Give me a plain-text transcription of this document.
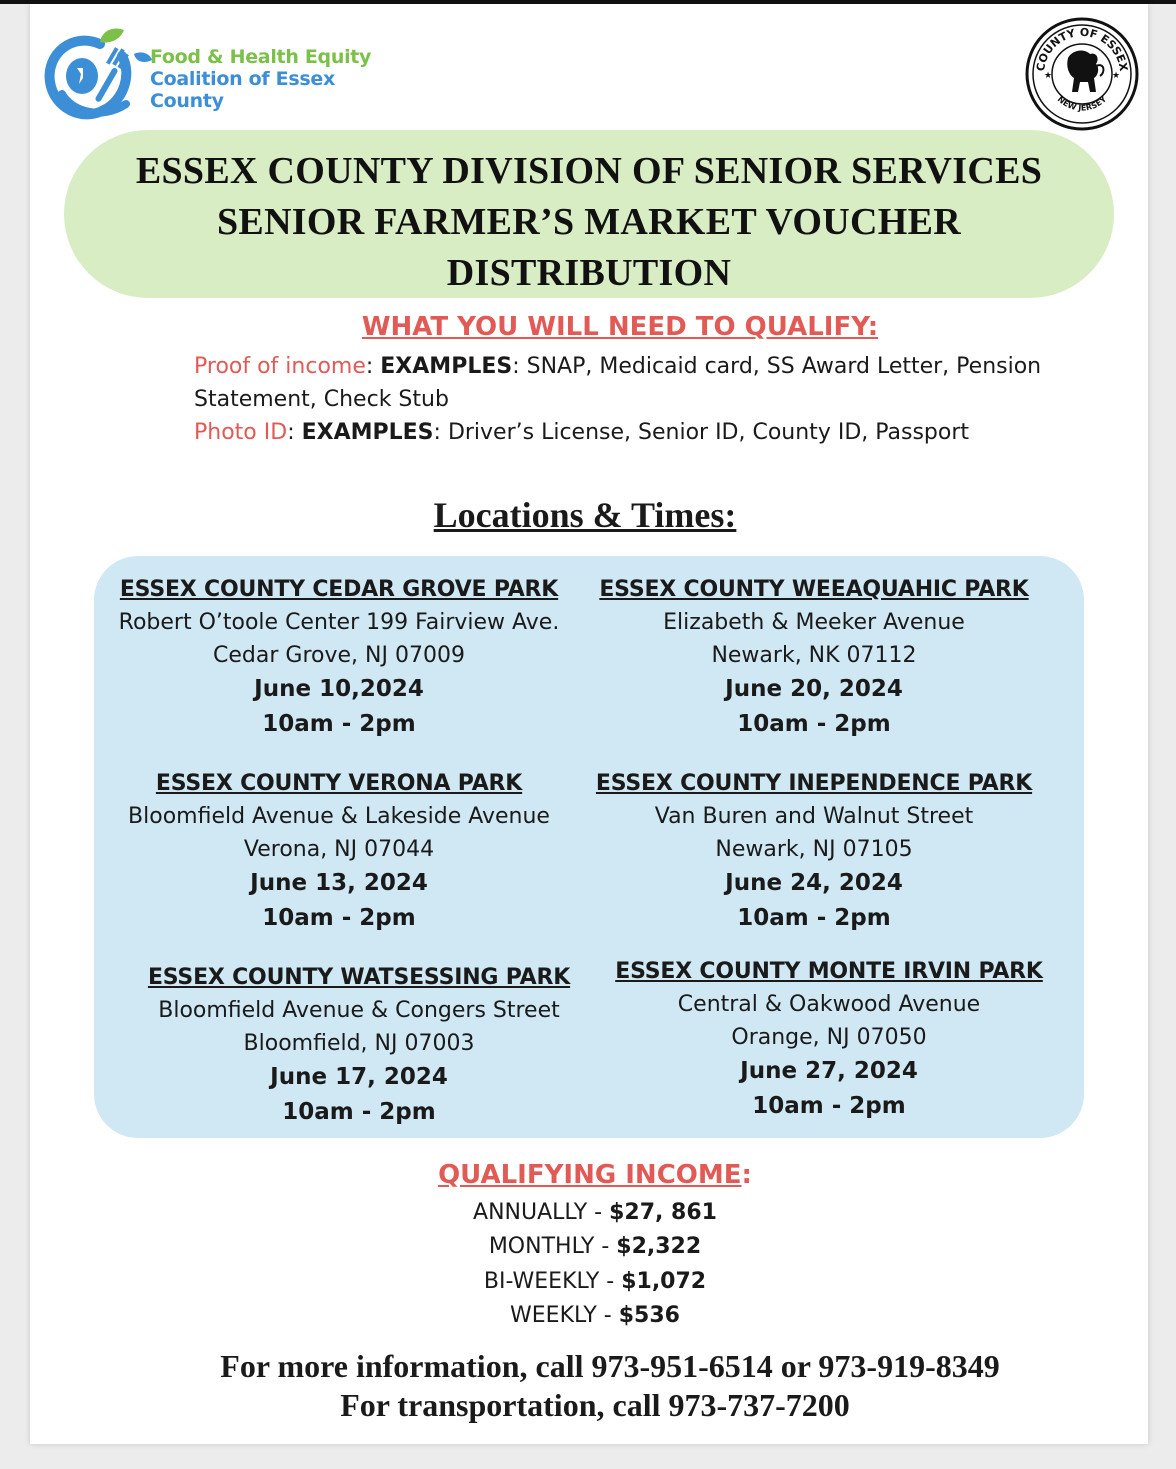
Food & Health Equity
Coalition of Essex County
COUNTY OF ESSEX
NEW JERSEY
★	★
ESSEX COUNTY DIVISION OF SENIOR SERVICES
SENIOR FARMER’S MARKET VOUCHER
DISTRIBUTION
WHAT YOU WILL NEED TO QUALIFY:
Proof of income: EXAMPLES: SNAP, Medicaid card, SS Award Letter, Pension Statement, Check Stub
Photo ID: EXAMPLES: Driver’s License, Senior ID, County ID, Passport
Locations & Times:
ESSEX COUNTY CEDAR GROVE PARK
Robert O’toole Center 199 Fairview Ave.
Cedar Grove, NJ 07009
June 10,2024
10am - 2pm
ESSEX COUNTY WEEAQUAHIC PARK
Elizabeth & Meeker Avenue
Newark, NK 07112
June 20, 2024
10am - 2pm
ESSEX COUNTY VERONA PARK
Bloomfield Avenue & Lakeside Avenue
Verona, NJ 07044
June 13, 2024
10am - 2pm
ESSEX COUNTY INEPENDENCE PARK
Van Buren and Walnut Street
Newark, NJ 07105
June 24, 2024
10am - 2pm
ESSEX COUNTY WATSESSING PARK
Bloomfield Avenue & Congers Street
Bloomfield, NJ 07003
June 17, 2024
10am - 2pm
ESSEX COUNTY MONTE IRVIN PARK
Central & Oakwood Avenue
Orange, NJ 07050
June 27, 2024
10am - 2pm
QUALIFYING INCOME:
ANNUALLY - $27, 861
MONTHLY - $2,322
BI-WEEKLY - $1,072
WEEKLY - $536
For more information, call 973-951-6514 or 973-919-8349
For transportation, call 973-737-7200
